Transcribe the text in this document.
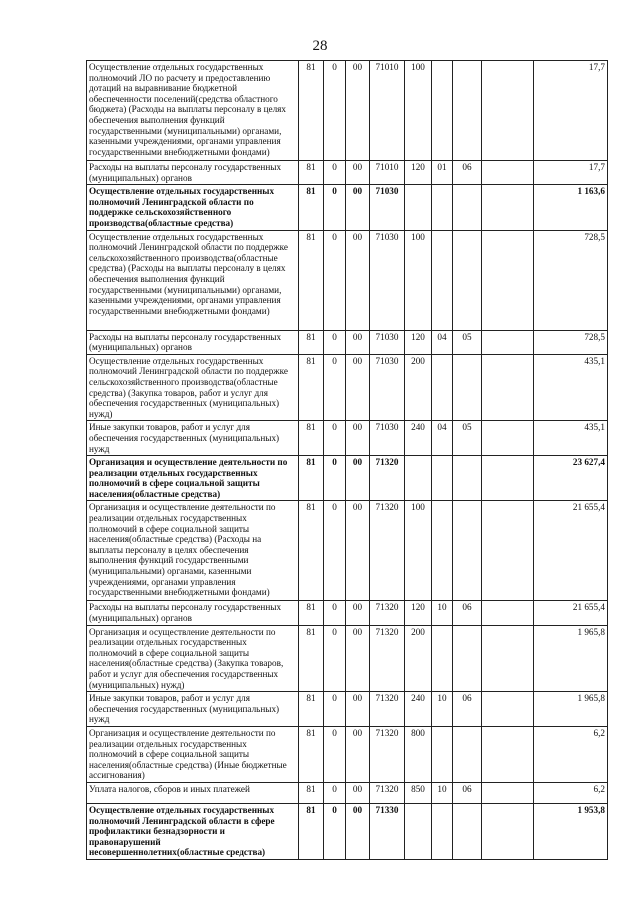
28
Осуществление отдельных государственных полномочий ЛО по расчету и предоставлению дотаций на выравнивание бюджетной обеспеченности поселений(средства областного бюджета) (Расходы на выплаты персоналу в целях обеспечения выполнения функций государственными (муниципальными) органами, казенными учреждениями, органами управления государственными внебюджетными фондами)	81	0	00	71010	100				17,7	
Расходы на выплаты персоналу государственных (муниципальных) органов	81	0	00	71010	120	01	06		17,7	
Осуществление отдельных государственных полномочий Ленинградской области по поддержке сельскохозяйственного производства(областные средства)	81	0	00	71030					1 163,6	
Осуществление отдельных государственных полномочий Ленинградской области по поддержке сельскохозяйственного производства(областные средства) (Расходы на выплаты персоналу в целях обеспечения выполнения функций государственными (муниципальными) органами, казенными учреждениями, органами управления государственными внебюджетными фондами)	81	0	00	71030	100				728,5	
Расходы на выплаты персоналу государственных (муниципальных) органов	81	0	00	71030	120	04	05		728,5	
Осуществление отдельных государственных полномочий Ленинградской области по поддержке сельскохозяйственного производства(областные средства) (Закупка товаров, работ и услуг для обеспечения государственных (муниципальных) нужд)	81	0	00	71030	200				435,1	
Иные закупки товаров, работ и услуг для обеспечения государственных (муниципальных) нужд	81	0	00	71030	240	04	05		435,1	
Организация и осуществление деятельности по реализации отдельных государственных полномочий в сфере социальной защиты населения(областные средства)	81	0	00	71320					23 627,4	
Организация и осуществление деятельности по реализации отдельных государственных полномочий в сфере социальной защиты населения(областные средства) (Расходы на выплаты персоналу в целях обеспечения выполнения функций государственными (муниципальными) органами, казенными учреждениями, органами управления государственными внебюджетными фондами)	81	0	00	71320	100				21 655,4	
Расходы на выплаты персоналу государственных (муниципальных) органов	81	0	00	71320	120	10	06		21 655,4	
Организация и осуществление деятельности по реализации отдельных государственных полномочий в сфере социальной защиты населения(областные средства) (Закупка товаров, работ и услуг для обеспечения государственных (муниципальных) нужд)	81	0	00	71320	200				1 965,8	
Иные закупки товаров, работ и услуг для обеспечения государственных (муниципальных) нужд	81	0	00	71320	240	10	06		1 965,8	
Организация и осуществление деятельности по реализации отдельных государственных полномочий в сфере социальной защиты населения(областные средства) (Иные бюджетные ассигнования)	81	0	00	71320	800				6,2	
Уплата налогов, сборов и иных платежей	81	0	00	71320	850	10	06		6,2	
Осуществление отдельных государственных полномочий Ленинградской области в сфере профилактики безнадзорности и правонарушений несовершеннолетних(областные средства)	81	0	00	71330					1 953,8	
